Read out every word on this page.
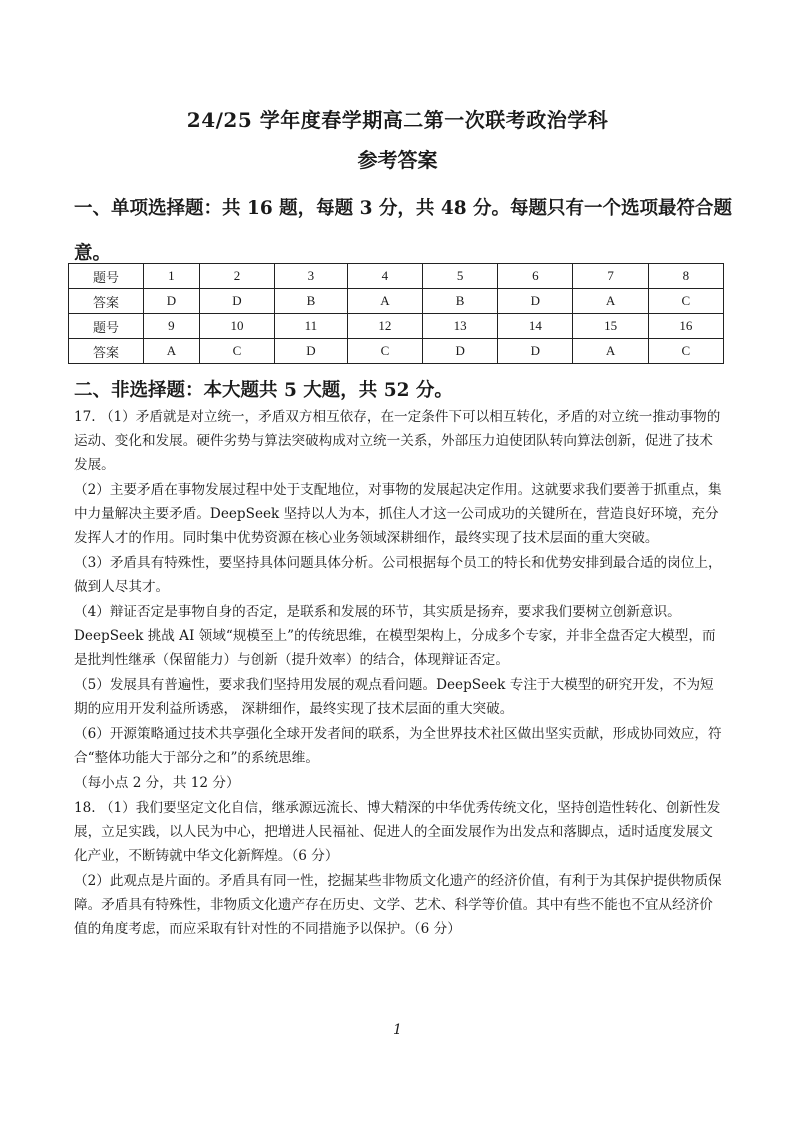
24/25 学年度春学期高二第一次联考政治学科
参考答案
一、单项选择题：共 16 题，每题 3 分，共 48 分。每题只有一个选项最符合题意。
题号	1	2	3	4	5	6	7	8
答案	D	D	B	A	B	D	A	C
题号	9	10	11	12	13	14	15	16
答案	A	C	D	C	D	D	A	C
二、非选择题：本大题共 5 大题，共 52 分。

17. （1）矛盾就是对立统一，矛盾双方相互依存，在一定条件下可以相互转化，矛盾的对立统一推动事物的运动、变化和发展。硬件劣势与算法突破构成对立统一关系，外部压力迫使团队转向算法创新，促进了技术发展。

（2）主要矛盾在事物发展过程中处于支配地位，对事物的发展起决定作用。这就要求我们要善于抓重点，集中力量解决主要矛盾。DeepSeek 坚持以人为本，抓住人才这一公司成功的关键所在，营造良好环境，充分发挥人才的作用。同时集中优势资源在核心业务领域深耕细作，最终实现了技术层面的重大突破。

（3）矛盾具有特殊性，要坚持具体问题具体分析。公司根据每个员工的特长和优势安排到最合适的岗位上，做到人尽其才。

（4）辩证否定是事物自身的否定，是联系和发展的环节，其实质是扬弃，要求我们要树立创新意识。DeepSeek 挑战 AI 领域“规模至上”的传统思维，在模型架构上，分成多个专家，并非全盘否定大模型，而是批判性继承（保留能力）与创新（提升效率）的结合，体现辩证否定。

（5）发展具有普遍性，要求我们坚持用发展的观点看问题。DeepSeek 专注于大模型的研究开发，不为短期的应用开发利益所诱惑， 深耕细作，最终实现了技术层面的重大突破。

（6）开源策略通过技术共享强化全球开发者间的联系，为全世界技术社区做出坚实贡献，形成协同效应，符合“整体功能大于部分之和”的系统思维。

（每小点 2 分，共 12 分）

18. （1）我们要坚定文化自信，继承源远流长、博大精深的中华优秀传统文化，坚持创造性转化、创新性发展，立足实践，以人民为中心，把增进人民福祉、促进人的全面发展作为出发点和落脚点，适时适度发展文化产业，不断铸就中华文化新辉煌。（6 分）

（2）此观点是片面的。矛盾具有同一性，挖掘某些非物质文化遗产的经济价值，有利于为其保护提供物质保障。矛盾具有特殊性，非物质文化遗产存在历史、文学、艺术、科学等价值。其中有些不能也不宜从经济价值的角度考虑，而应采取有针对性的不同措施予以保护。（6 分）

1
